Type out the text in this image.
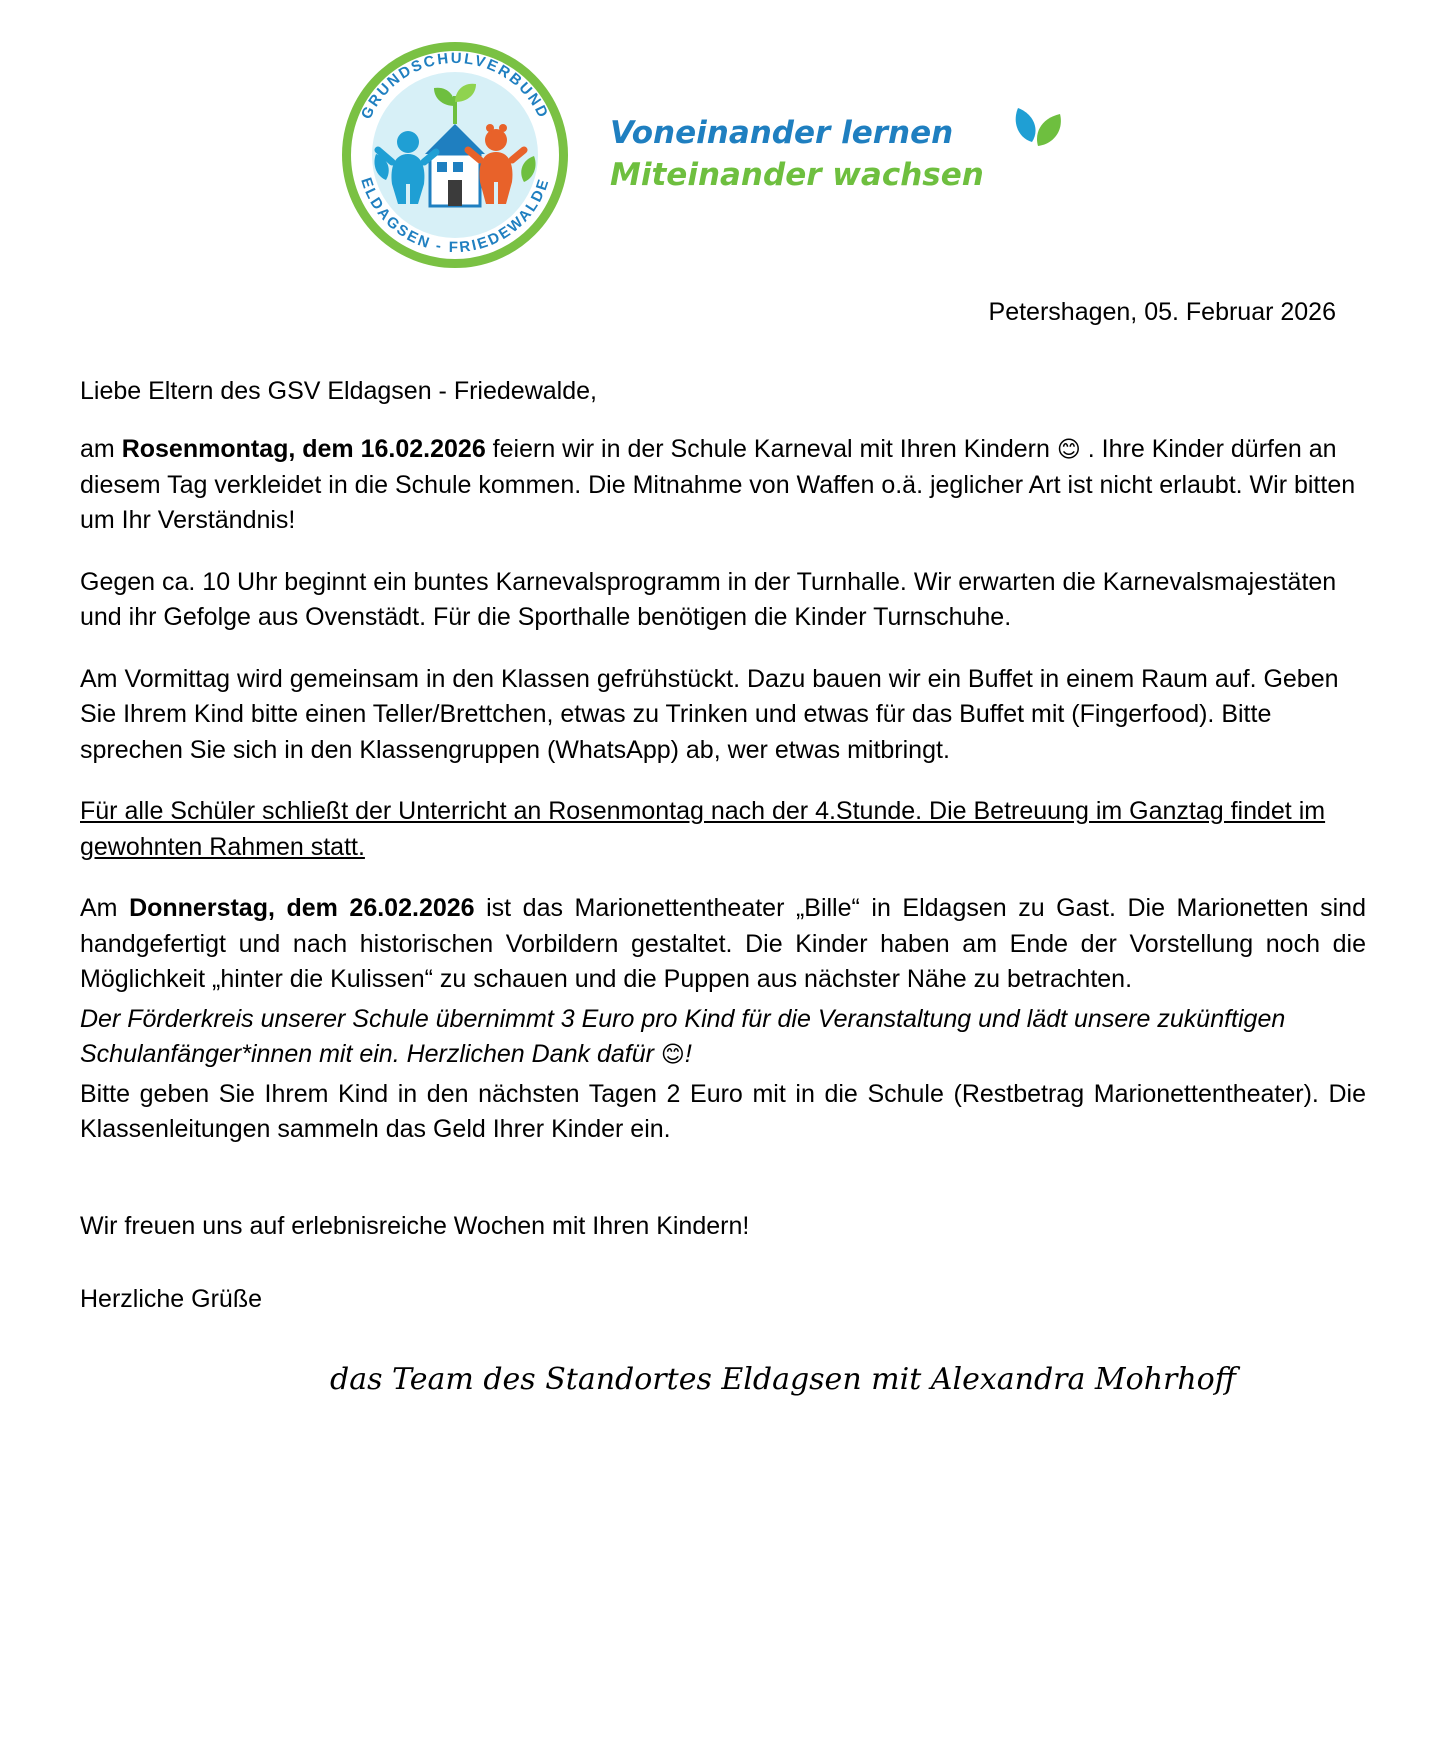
GRUNDSCHULVERBUND
ELDAGSEN - FRIEDEWALDE
Voneinander lernen
Miteinander wachsen
Petershagen, 05. Februar 2026
Liebe Eltern des GSV Eldagsen - Friedewalde,

am Rosenmontag, dem 16.02.2026 feiern wir in der Schule Karneval mit Ihren Kindern 😊 . Ihre Kinder dürfen an diesem Tag verkleidet in die Schule kommen. Die Mitnahme von Waffen o.ä. jeglicher Art ist nicht erlaubt. Wir bitten um Ihr Verständnis!

Gegen ca. 10 Uhr beginnt ein buntes Karnevalsprogramm in der Turnhalle. Wir erwarten die Karnevalsmajestäten und ihr Gefolge aus Ovenstädt. Für die Sporthalle benötigen die Kinder Turnschuhe.

Am Vormittag wird gemeinsam in den Klassen gefrühstückt. Dazu bauen wir ein Buffet in einem Raum auf. Geben Sie Ihrem Kind bitte einen Teller/Brettchen, etwas zu Trinken und etwas für das Buffet mit (Fingerfood). Bitte sprechen Sie sich in den Klassengruppen (WhatsApp) ab, wer etwas mitbringt.

Für alle Schüler schließt der Unterricht an Rosenmontag nach der 4.Stunde. Die Betreuung im Ganztag findet im gewohnten Rahmen statt.

Am Donnerstag, dem 26.02.2026 ist das Marionettentheater „Bille“ in Eldagsen zu Gast. Die Marionetten sind handgefertigt und nach historischen Vorbildern gestaltet. Die Kinder haben am Ende der Vorstellung noch die Möglichkeit „hinter die Kulissen“ zu schauen und die Puppen aus nächster Nähe zu betrachten.

Der Förderkreis unserer Schule übernimmt 3 Euro pro Kind für die Veranstaltung und lädt unsere zukünftigen Schulanfänger*innen mit ein. Herzlichen Dank dafür 😊!

Bitte geben Sie Ihrem Kind in den nächsten Tagen 2 Euro mit in die Schule (Restbetrag Marionettentheater). Die Klassenleitungen sammeln das Geld Ihrer Kinder ein.

Wir freuen uns auf erlebnisreiche Wochen mit Ihren Kindern!
Herzliche Grüße
das Team des Standortes Eldagsen mit Alexandra Mohrhoff
